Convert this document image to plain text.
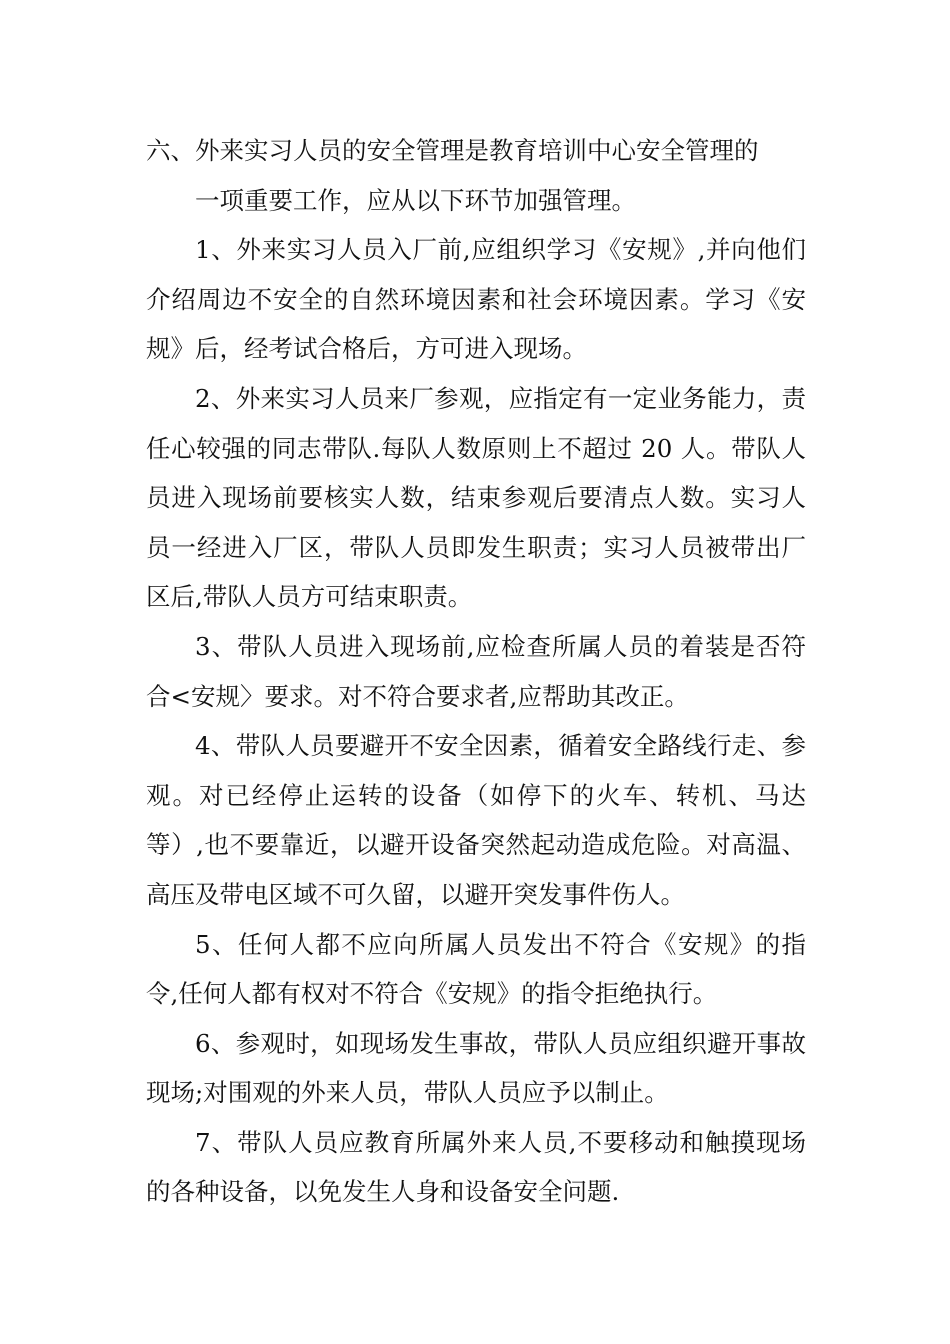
六、外来实习人员的安全管理是教育培训中心安全管理的

一项重要工作，应从以下环节加强管理。

1、外来实习人员入厂前,应组织学习《安规》,并向他们介绍周边不安全的自然环境因素和社会环境因素。学习《安规》后，经考试合格后，方可进入现场。

2、外来实习人员来厂参观，应指定有一定业务能力，责任心较强的同志带队.每队人数原则上不超过 20 人。带队人员进入现场前要核实人数，结束参观后要清点人数。实习人员一经进入厂区，带队人员即发生职责；实习人员被带出厂区后,带队人员方可结束职责。

3、带队人员进入现场前,应检查所属人员的着装是否符合<安规〉要求。对不符合要求者,应帮助其改正。

4、带队人员要避开不安全因素，循着安全路线行走、参观。对已经停止运转的设备（如停下的火车、转机、马达等）,也不要靠近，以避开设备突然起动造成危险。对高温、高压及带电区域不可久留，以避开突发事件伤人。

5、任何人都不应向所属人员发出不符合《安规》的指令,任何人都有权对不符合《安规》的指令拒绝执行。

6、参观时，如现场发生事故，带队人员应组织避开事故现场;对围观的外来人员，带队人员应予以制止。

7、带队人员应教育所属外来人员,不要移动和触摸现场的各种设备，以免发生人身和设备安全问题.
